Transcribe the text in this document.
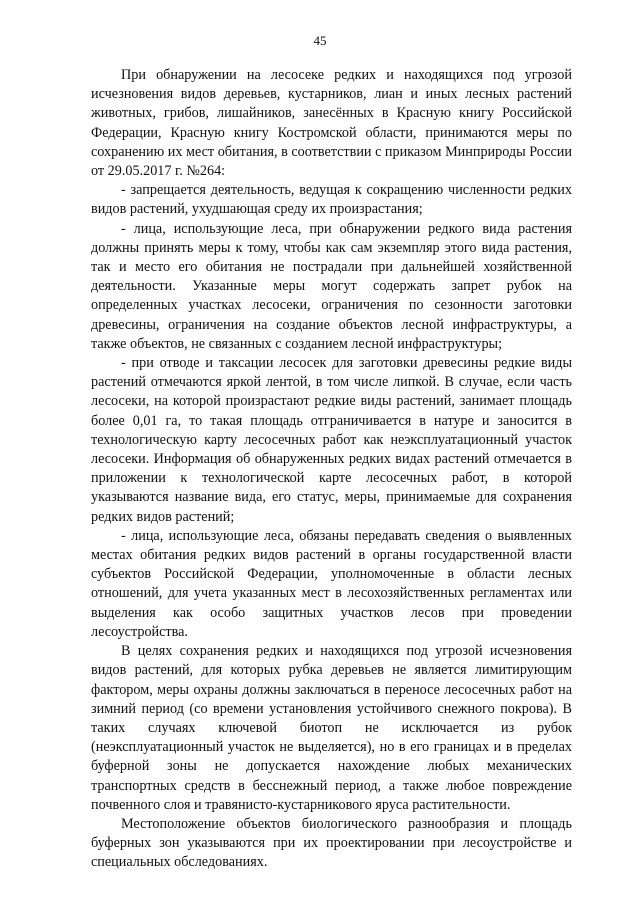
45

При обнаружении на лесосеке редких и находящихся под угрозой исчезновения видов деревьев, кустарников, лиан и иных лесных растений животных, грибов, лишайников, занесённых в Красную книгу Российской Федерации, Красную книгу Костромской области, принимаются меры по сохранению их мест обитания, в соответствии с приказом Минприроды России от 29.05.2017 г. №264:

- запрещается деятельность, ведущая к сокращению численности редких видов растений, ухудшающая среду их произрастания;

- лица, использующие леса, при обнаружении редкого вида растения должны принять меры к тому, чтобы как сам экземпляр этого вида растения, так и место его обитания не пострадали при дальнейшей хозяйственной деятельности. Указанные меры могут содержать запрет рубок на определенных участках лесосеки, ограничения по сезонности заготовки древесины, ограничения на создание объектов лесной инфраструктуры, а также объектов, не связанных с созданием лесной инфраструктуры;

- при отводе и таксации лесосек для заготовки древесины редкие виды растений отмечаются яркой лентой, в том числе липкой. В случае, если часть лесосеки, на которой произрастают редкие виды растений, занимает площадь более 0,01 га, то такая площадь отграничивается в натуре и заносится в технологическую карту лесосечных работ как неэксплуатационный участок лесосеки. Информация об обнаруженных редких видах растений отмечается в приложении к технологической карте лесосечных работ, в которой указываются название вида, его статус, меры, принимаемые для сохранения редких видов растений;

- лица, использующие леса, обязаны передавать сведения о выявленных местах обитания редких видов растений в органы государственной власти субъектов Российской Федерации, уполномоченные в области лесных отношений, для учета указанных мест в лесохозяйственных регламентах или выделения как особо защитных участков лесов при проведении лесоустройства.

В целях сохранения редких и находящихся под угрозой исчезновения видов растений, для которых рубка деревьев не является лимитирующим фактором, меры охраны должны заключаться в переносе лесосечных работ на зимний период (со времени установления устойчивого снежного покрова). В таких случаях ключевой биотоп не исключается из рубок (неэксплуатационный участок не выделяется), но в его границах и в пределах буферной зоны не допускается нахождение любых механических транспортных средств в бесснежный период, а также любое повреждение почвенного слоя и травянисто-кустарникового яруса растительности.

Местоположение объектов биологического разнообразия и площадь буферных зон указываются при их проектировании при лесоустройстве и специальных обследованиях.
